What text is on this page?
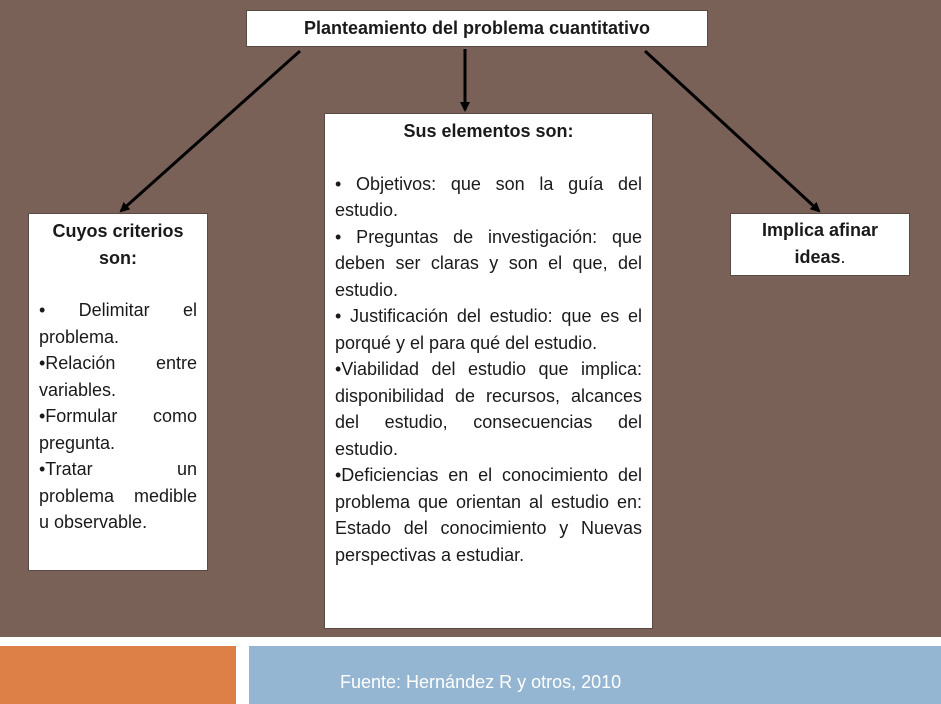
Planteamiento del problema cuantitativo
Cuyos criterios son:
• Delimitar el problema.
•Relación entre variables.
•Formular como pregunta.
•Tratar un problema medible u observable.
Sus elementos son:
• Objetivos: que son la guía del estudio.
• Preguntas de investigación: que deben ser claras y son el que, del estudio.
• Justificación del estudio: que es el porqué y el para qué del estudio.
•Viabilidad del estudio que implica: disponibilidad de recursos, alcances del estudio, consecuencias del estudio.
•Deficiencias en el conocimiento del problema que orientan al estudio en: Estado del conocimiento y Nuevas perspectivas a estudiar.
Implica afinar ideas.
Fuente: Hernández R y otros, 2010
